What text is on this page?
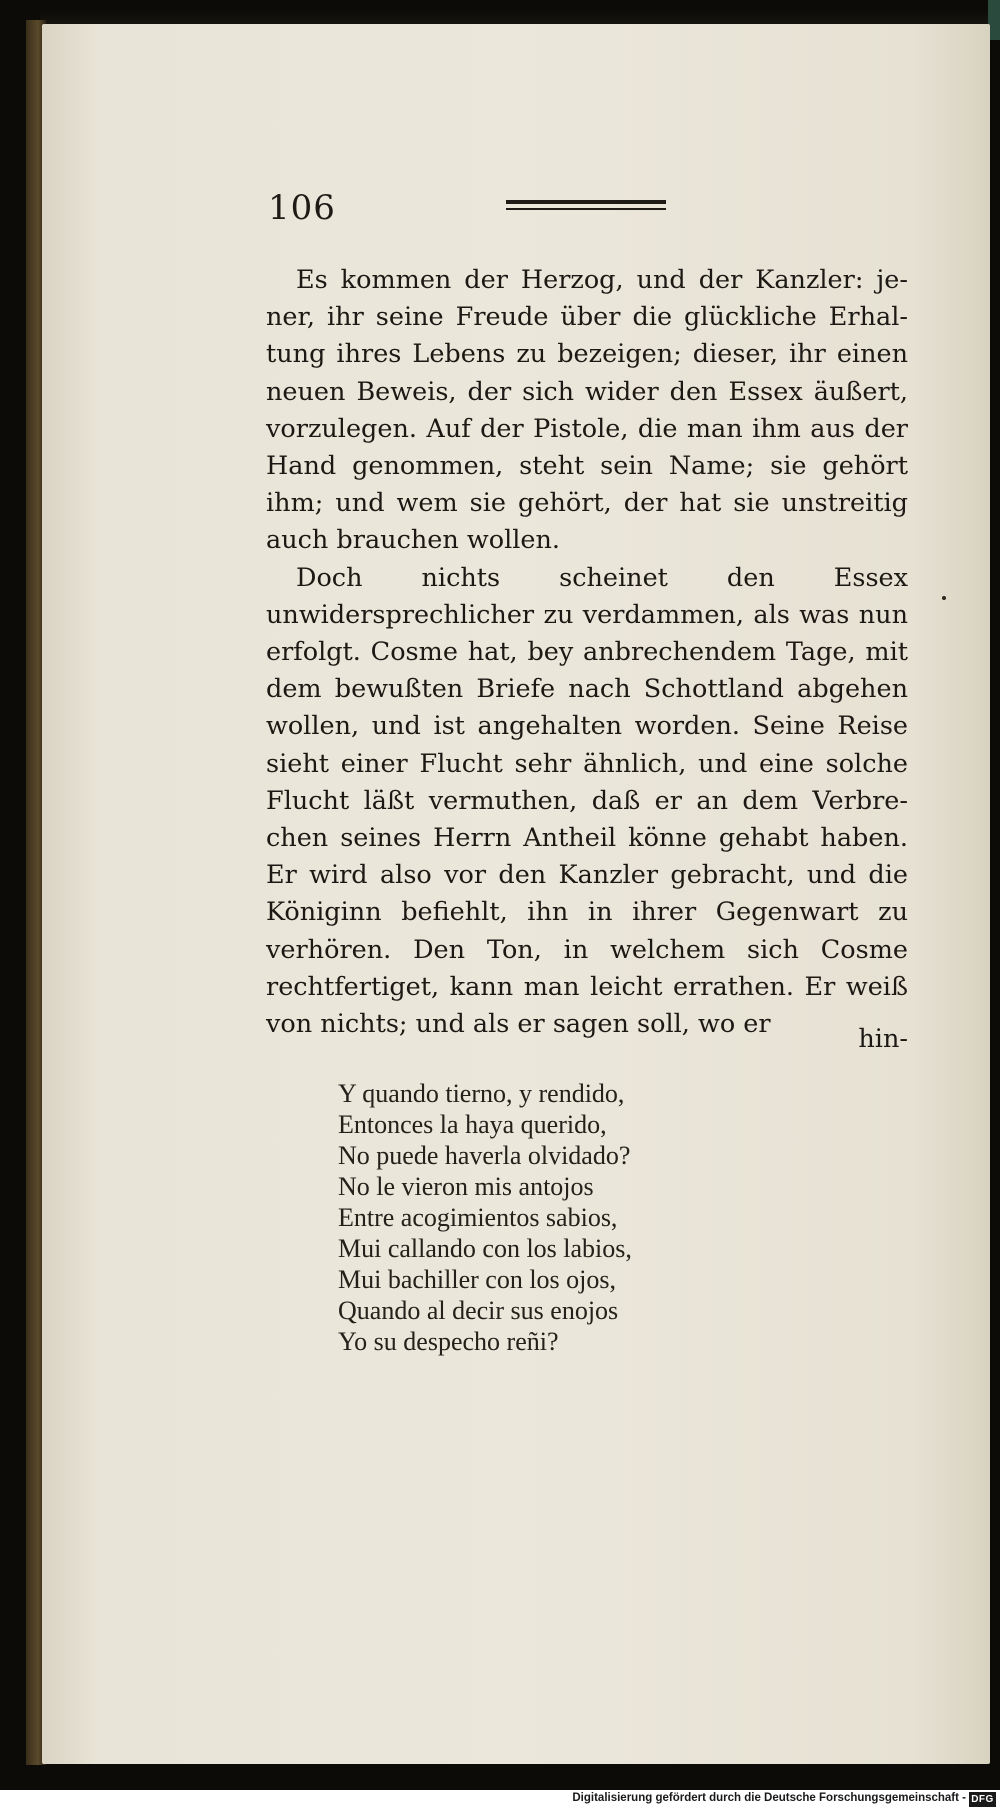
106

Es kommen der Herzog, und der Kanzler: jener, ihr seine Freude über die glückliche Erhaltung ihres Lebens zu bezeigen; dieser, ihr einen neuen Beweis, der sich wider den Essex äußert, vorzulegen. Auf der Pistole, die man ihm aus der Hand genommen, steht sein Name; sie gehört ihm; und wem sie gehört, der hat sie unstreitig auch brauchen wollen.

Doch nichts scheinet den Essex unwidersprechlicher zu verdammen, als was nun erfolgt. Cosme hat, bey anbrechendem Tage, mit dem bewußten Briefe nach Schottland abgehen wollen, und ist angehalten worden. Seine Reise sieht einer Flucht sehr ähnlich, und eine solche Flucht läßt vermuthen, daß er an dem Verbrechen seines Herrn Antheil könne gehabt haben. Er wird also vor den Kanzler gebracht, und die Königinn befiehlt, ihn in ihrer Gegenwart zu verhören. Den Ton, in welchem sich Cosme rechtfertiget, kann man leicht errathen. Er weiß von nichts; und als er sagen soll, wo er	hin-
Y quando tierno, y rendido,
Entonces la haya querido,
No puede haverla olvidado?
No le vieron mis antojos
Entre acogimientos sabios,
Mui callando con los labios,
Mui bachiller con los ojos,
Quando al decir sus enojos
Yo su despecho reñi?
Digitalisierung gefördert durch die Deutsche Forschungsgemeinschaft - DFG
